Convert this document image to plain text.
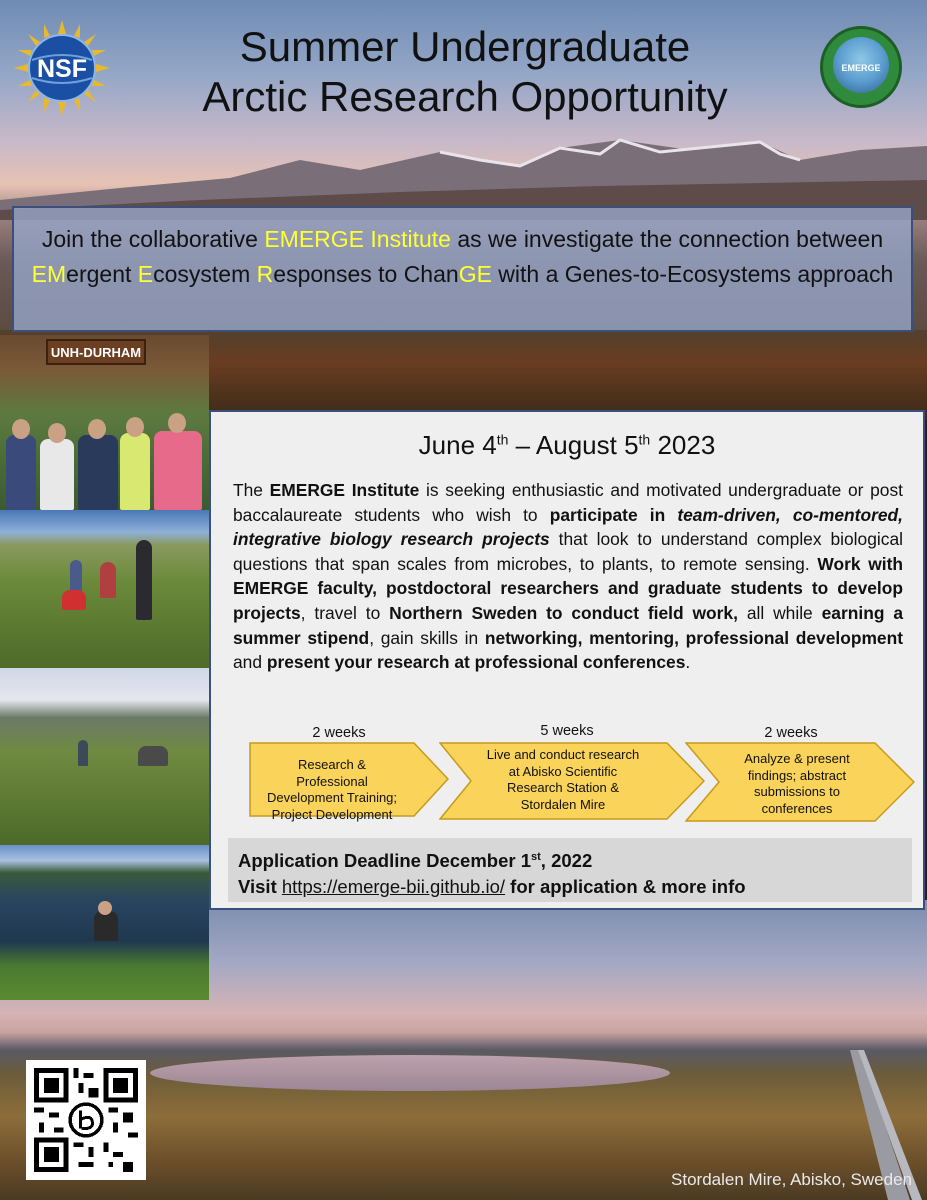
NSF	EMERGE
Summer Undergraduate
Arctic Research Opportunity
Join the collaborative EMERGE Institute as we investigate the connection between EMergent Ecosystem Responses to ChanGE with a Genes-to-Ecosystems approach
UNH-DURHAM
June 4th – August 5th 2023
The EMERGE Institute is seeking enthusiastic and motivated undergraduate or post baccalaureate students who wish to participate in team-driven, co-mentored, integrative biology research projects that look to understand complex biological questions that span scales from microbes, to plants, to remote sensing. Work with EMERGE faculty, postdoctoral researchers and graduate students to develop projects, travel to Northern Sweden to conduct field work, all while earning a summer stipend, gain skills in networking, mentoring, professional development and present your research at professional conferences.
2 weeks	5 weeks	2 weeks
Research & Professional Development Training; Project Development
Live and conduct research at Abisko Scientific Research Station & Stordalen Mire
Analyze & present findings; abstract submissions to conferences

Application Deadline December 1st, 2022

Visit https://emerge-bii.github.io/ for application & more info

Stordalen Mire, Abisko, Sweden
